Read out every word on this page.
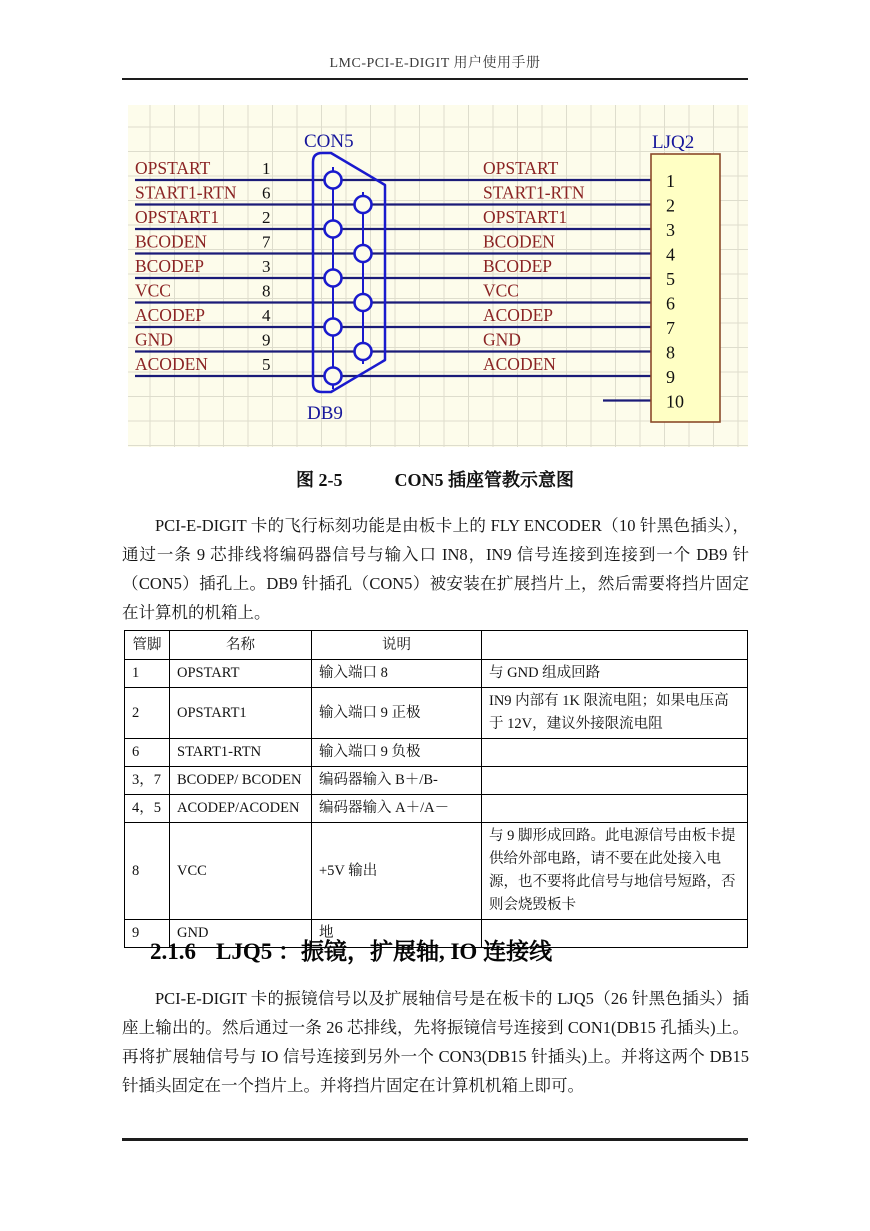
LMC-PCI-E-DIGIT 用户使用手册
OPSTART	1	OPSTART
START1-RTN 6	START1-RTN
OPSTART1	2	OPSTART1
BCODEN	7	BCODEN
BCODEP	3	BCODEP
VCC	8	VCC
ACODEP	4	ACODEP
GND	9	GND
ACODEN	5	ACODEN
1
2
3
4
5
6
7
8
9
10
CON5
DB9
LJQ2
图 2-5	CON5 插座管教示意图
PCI-E-DIGIT 卡的飞行标刻功能是由板卡上的 FLY ENCODER（10 针黑色插头），通过一条 9 芯排线将编码器信号与输入口 IN8，IN9 信号连接到连接到一个 DB9 针（CON5）插孔上。DB9 针插孔（CON5）被安装在扩展挡片上，然后需要将挡片固定在计算机的机箱上。
管脚	名称	说明	
1	OPSTART	输入端口 8	与 GND 组成回路
2	OPSTART1	输入端口 9 正极	IN9 内部有 1K 限流电阻；如果电压高于 12V，建议外接限流电阻
6	START1-RTN	输入端口 9 负极	
3，7	BCODEP/ BCODEN	编码器输入 B＋/B-	
4，5	ACODEP/ACODEN	编码器输入 A＋/A－	
8	VCC	+5V 输出	与 9 脚形成回路。此电源信号由板卡提供给外部电路，请不要在此处接入电源，也不要将此信号与地信号短路，否则会烧毁板卡
9	GND	地	
2.1.6 LJQ5 ：振镜，扩展轴, IO 连接线
PCI-E-DIGIT 卡的振镜信号以及扩展轴信号是在板卡的 LJQ5（26 针黑色插头）插座上输出的。然后通过一条 26 芯排线，先将振镜信号连接到 CON1(DB15 孔插头)上。再将扩展轴信号与 IO 信号连接到另外一个 CON3(DB15 针插头)上。并将这两个 DB15 针插头固定在一个挡片上。并将挡片固定在计算机机箱上即可。
